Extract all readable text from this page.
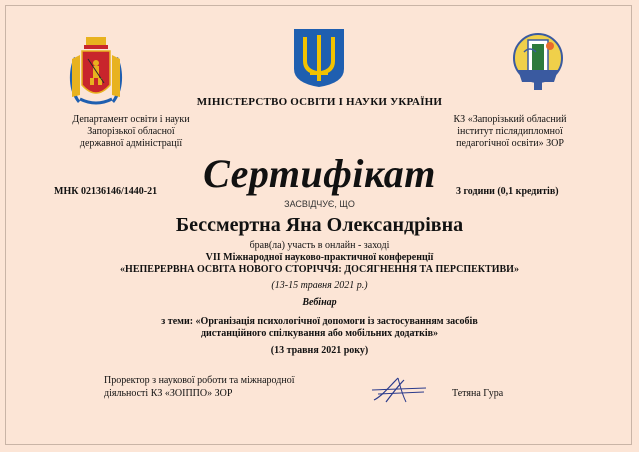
МІНІСТЕРСТВО ОСВІТИ І НАУКИ УКРАЇНИ
Департамент освіти і науки
Запорізької обласної
державної адміністрації
КЗ «Запорізький обласний
інститут післядипломної
педагогічної освіти» ЗОР
Сертифікат
МНК 02136146/1440-21	3 години (0,1 кредитів)
ЗАСВІДЧУЄ, ЩО
Бессмертна Яна Олександрівна
брав(ла) участь в онлайн - заході
VII Міжнародної науково-практичної конференції
«НЕПЕРЕРВНА ОСВІТА НОВОГО СТОРІЧЧЯ: ДОСЯГНЕННЯ ТА ПЕРСПЕКТИВИ»
(13-15 травня 2021 р.)
Вебінар
з теми: «Організація психологічної допомоги із застосуванням засобів
дистанційного спілкування або мобільних додатків»
(13 травня 2021 року)
Проректор з наукової роботи та міжнародної
діяльності КЗ «ЗОІППО» ЗОР	Тетяна Гура
